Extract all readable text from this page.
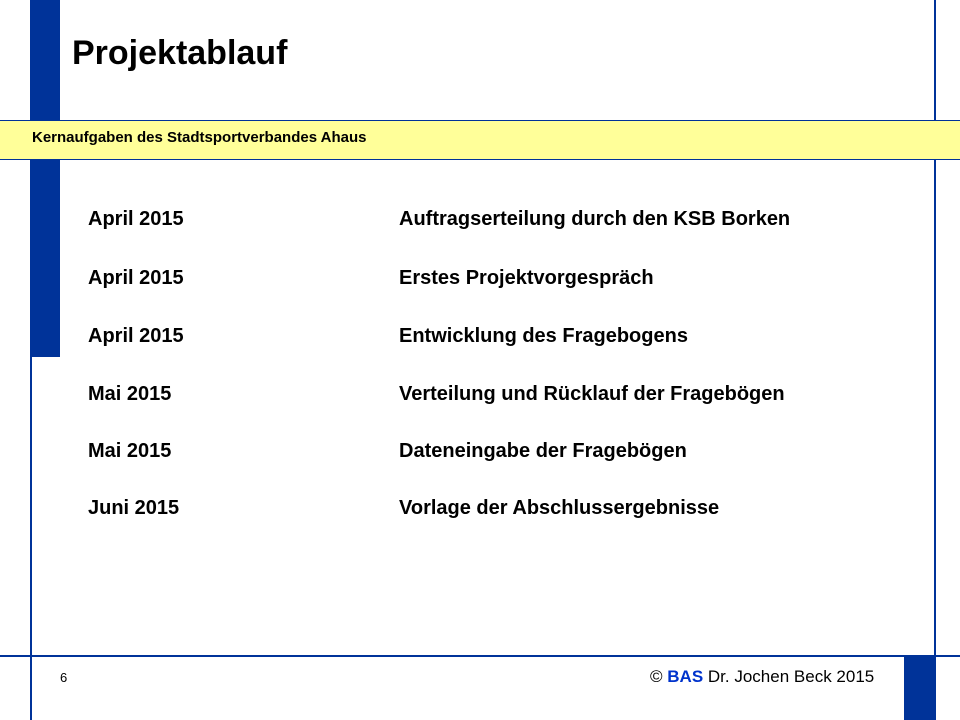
Projektablauf
Kernaufgaben des Stadtsportverbandes Ahaus
April 2015	Auftragserteilung durch den KSB Borken
April 2015	Erstes Projektvorgespräch
April 2015	Entwicklung des Fragebogens
Mai 2015	Verteilung und Rücklauf der Fragebögen
Mai 2015	Dateneingabe der Fragebögen
Juni 2015	Vorlage der Abschlussergebnisse
6	© BAS Dr. Jochen Beck 2015
